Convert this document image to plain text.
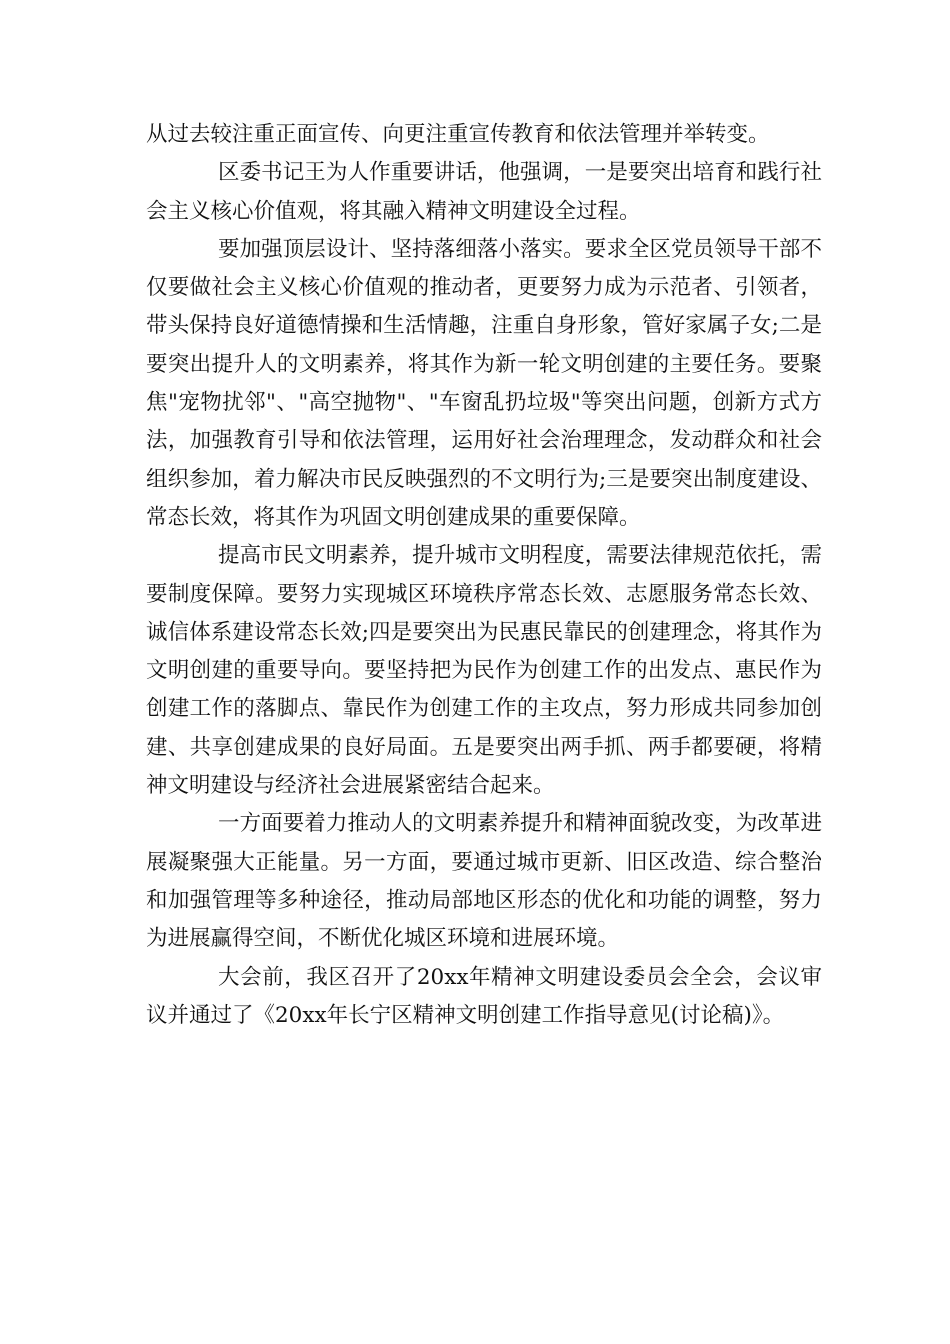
从过去较注重正面宣传、向更注重宣传教育和依法管理并举转变。

区委书记王为人作重要讲话，他强调，一是要突出培育和践行社会主义核心价值观，将其融入精神文明建设全过程。

要加强顶层设计、坚持落细落小落实。要求全区党员领导干部不仅要做社会主义核心价值观的推动者，更要努力成为示范者、引领者，带头保持良好道德情操和生活情趣，注重自身形象，管好家属子女;二是要突出提升人的文明素养，将其作为新一轮文明创建的主要任务。要聚焦"宠物扰邻"、"高空抛物"、"车窗乱扔垃圾"等突出问题，创新方式方法，加强教育引导和依法管理，运用好社会治理理念，发动群众和社会组织参加，着力解决市民反映强烈的不文明行为;三是要突出制度建设、常态长效，将其作为巩固文明创建成果的重要保障。

提高市民文明素养，提升城市文明程度，需要法律规范依托，需要制度保障。要努力实现城区环境秩序常态长效、志愿服务常态长效、诚信体系建设常态长效;四是要突出为民惠民靠民的创建理念，将其作为文明创建的重要导向。要坚持把为民作为创建工作的出发点、惠民作为创建工作的落脚点、靠民作为创建工作的主攻点，努力形成共同参加创建、共享创建成果的良好局面。五是要突出两手抓、两手都要硬，将精神文明建设与经济社会进展紧密结合起来。

一方面要着力推动人的文明素养提升和精神面貌改变，为改革进展凝聚强大正能量。另一方面，要通过城市更新、旧区改造、综合整治和加强管理等多种途径，推动局部地区形态的优化和功能的调整，努力为进展赢得空间，不断优化城区环境和进展环境。

大会前，我区召开了20xx年精神文明建设委员会全会，会议审议并通过了《20xx年长宁区精神文明创建工作指导意见(讨论稿)》。
